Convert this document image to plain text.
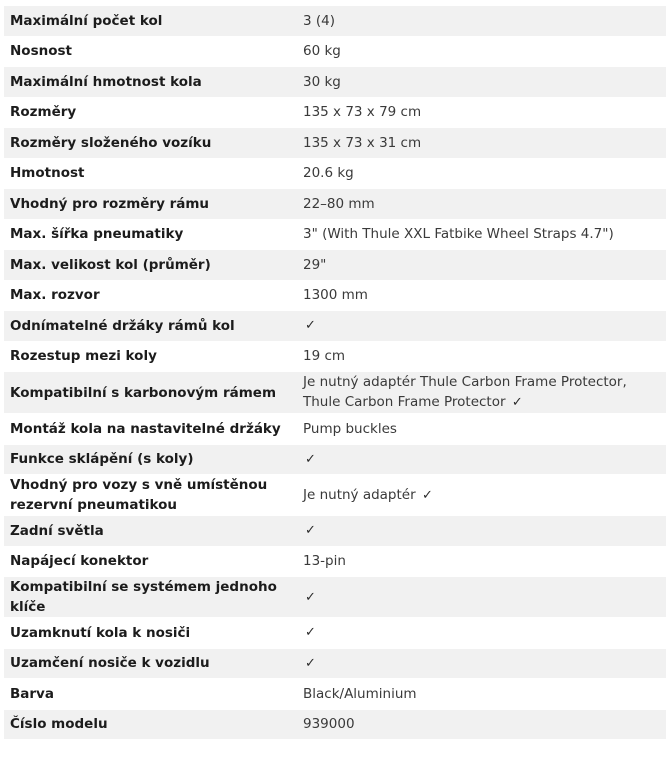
Maximální počet kol	3 (4)
Nosnost	60 kg
Maximální hmotnost kola	30 kg
Rozměry	135 x 73 x 79 cm
Rozměry složeného vozíku	135 x 73 x 31 cm
Hmotnost	20.6 kg
Vhodný pro rozměry rámu	22–80 mm
Max. šířka pneumatiky	3" (With Thule XXL Fatbike Wheel Straps 4.7")
Max. velikost kol (průměr)	29"
Max. rozvor	1300 mm
Odnímatelné držáky rámů kol	✓
Rozestup mezi koly	19 cm
Kompatibilní s karbonovým rámem	Je nutný adaptér Thule Carbon Frame Protector, Thule Carbon Frame Protector ✓
Montáž kola na nastavitelné držáky	Pump buckles
Funkce sklápění (s koly)	✓
Vhodný pro vozy s vně umístěnou rezervní pneumatikou	Je nutný adaptér ✓
Zadní světla	✓
Napájecí konektor	13-pin
Kompatibilní se systémem jednoho klíče	✓
Uzamknutí kola k nosiči	✓
Uzamčení nosiče k vozidlu	✓
Barva	Black/Aluminium
Číslo modelu	939000
